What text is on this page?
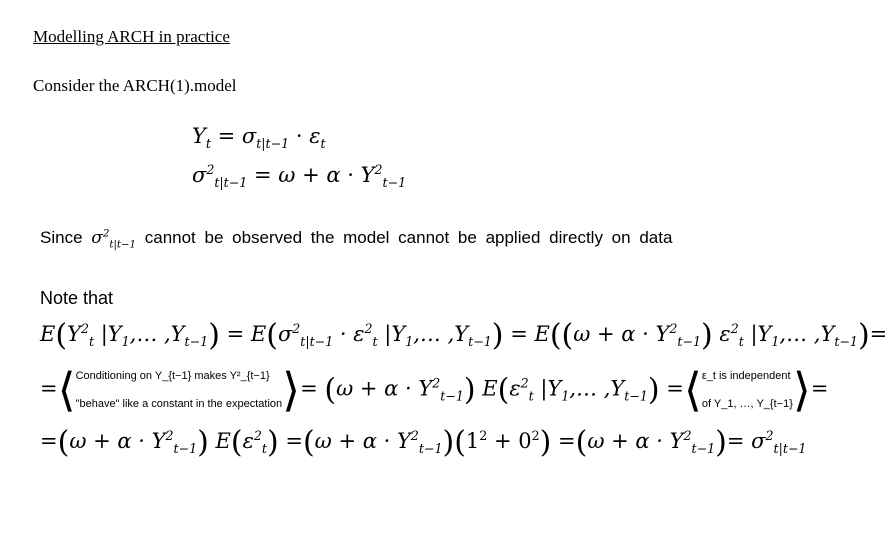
Modelling ARCH in practice
Consider the ARCH(1).model
$Y_t = \sigma_{t|t-1} \cdot \varepsilon_t$
$\sigma^2_{t|t-1} = \omega + \alpha \cdot Y^2_{t-1}$
Since $\sigma^2_{t|t-1}$ cannot be observed the model cannot be applied directly on data
Note that
$E(Y^2_t$ $|Y_1,\dots$ $,Y_{t-1}) = E(\sigma^2_{t|t-1} \cdot \varepsilon^2_t$ $|Y_1,\dots$ $,Y_{t-1}) = E((\omega + \alpha \cdot Y^2_{t-1})$ $\varepsilon^2_t$ $|Y_1,\dots$ $,Y_{t-1})=$
=⟨Conditioning on Y_{t−1} makes Y²_{t−1}
"behave" like a constant in the expectation⟩= $(\omega + \alpha \cdot Y^2_{t-1})$ $E(\varepsilon^2_t$ $|Y_1,\dots$ $,Y_{t-1}$) =⟨ε_t is independent
of Y_1, …, Y_{t−1}⟩=
$=(\omega + \alpha \cdot Y^2_{t-1})$ $E(\varepsilon^2_t) =(\omega + \alpha \cdot Y^2_{t-1})(1^2 + 0^2) =(\omega + \alpha \cdot Y^2_{t-1})= \sigma^2_{t|t-1}$
